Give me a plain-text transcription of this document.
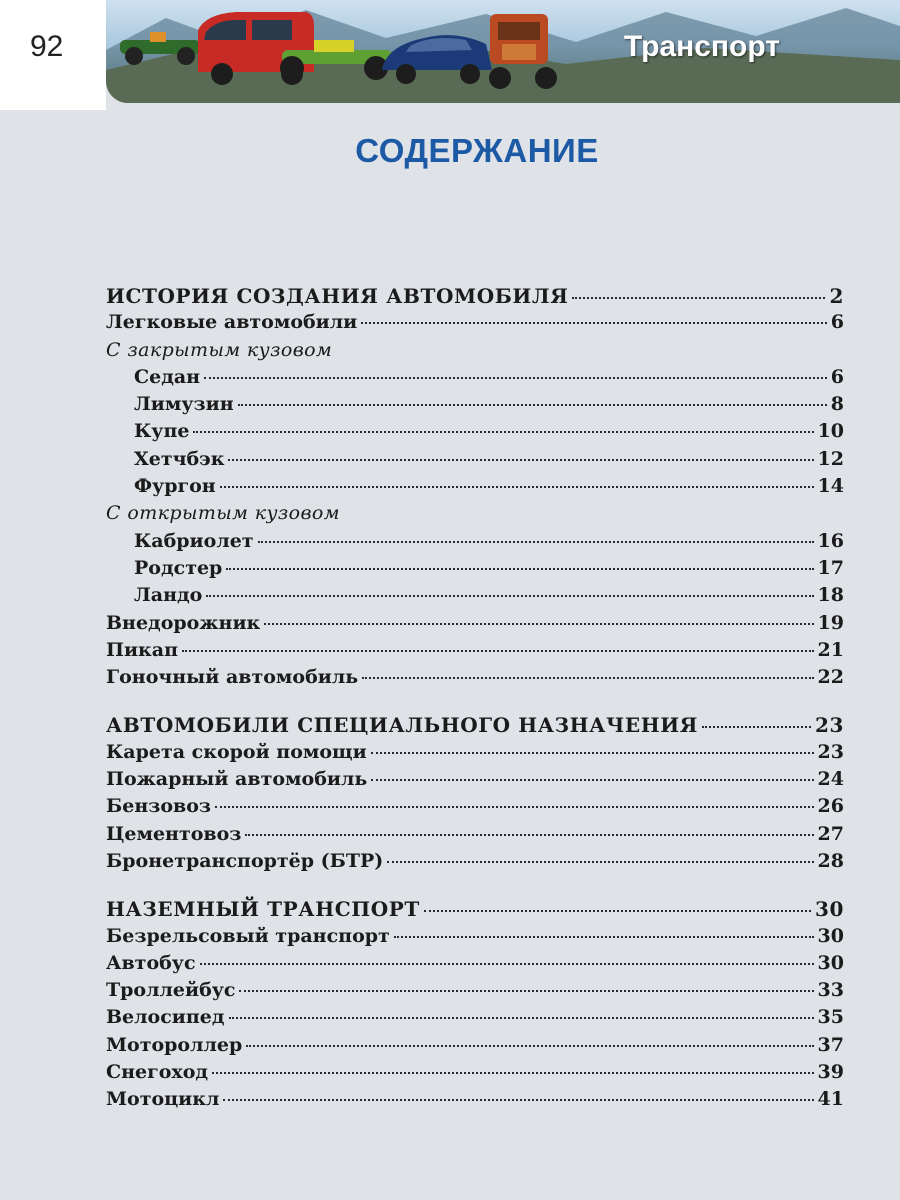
92	Транспорт
СОДЕРЖАНИЕ
ИСТОРИЯ СОЗДАНИЯ АВТОМОБИЛЯ	2
Легковые автомобили	6
С закрытым кузовом
Седан	6
Лимузин	8
Купе	10
Хетчбэк	12
Фургон	14
С открытым кузовом
Кабриолет	16
Родстер	17
Ландо	18
Внедорожник	19
Пикап	21
Гоночный автомобиль	22
АВТОМОБИЛИ СПЕЦИАЛЬНОГО НАЗНАЧЕНИЯ	23
Карета скорой помощи	23
Пожарный автомобиль	24
Бензовоз	26
Цементовоз	27
Бронетранспортёр (БТР)	28
НАЗЕМНЫЙ ТРАНСПОРТ	30
Безрельсовый транспорт	30
Автобус	30
Троллейбус	33
Велосипед	35
Мотороллер	37
Снегоход	39
Мотоцикл	41
